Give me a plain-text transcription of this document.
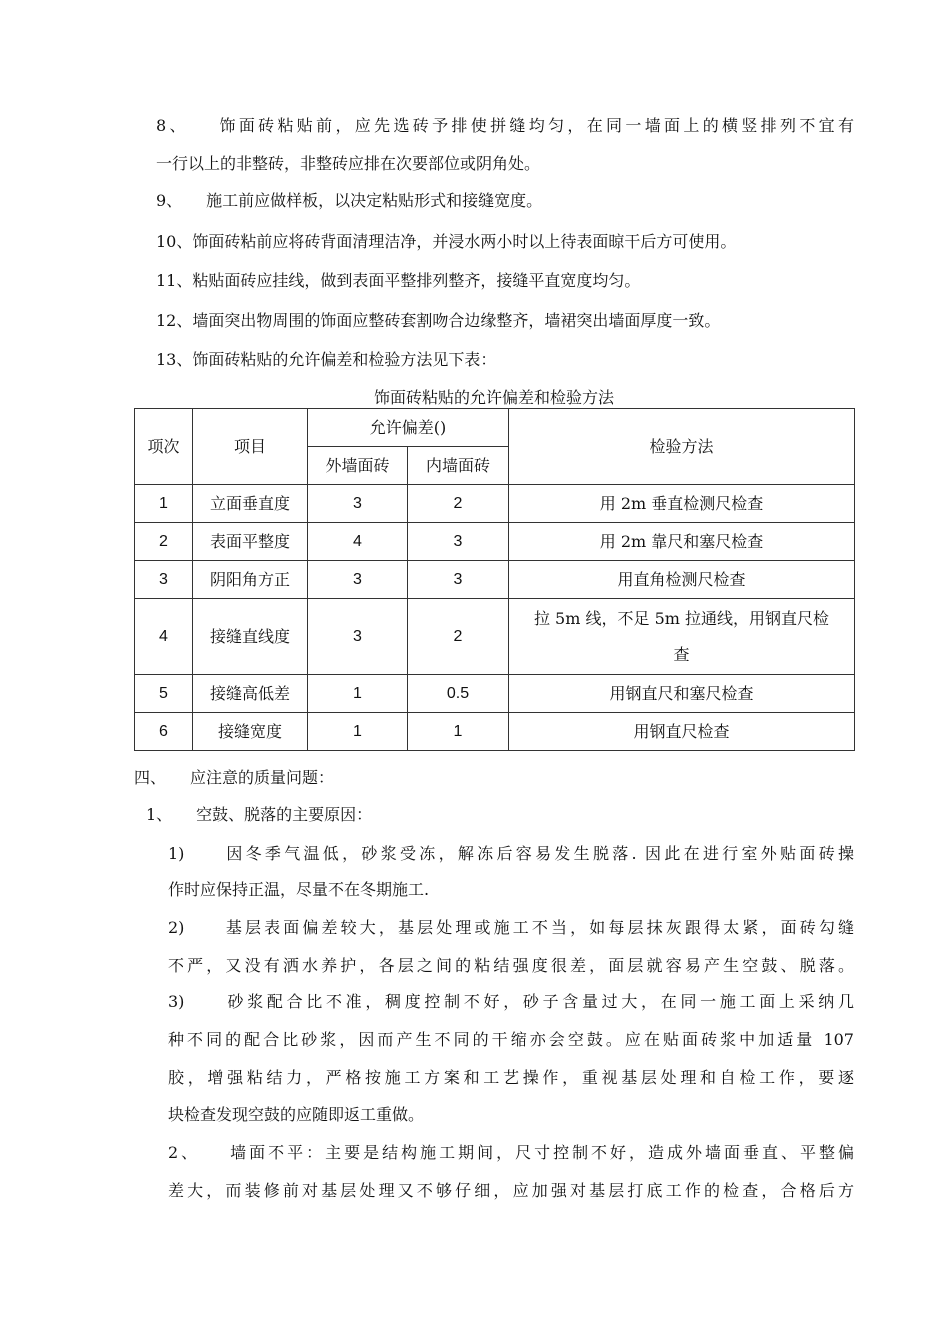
8、　　饰面砖粘贴前，应先选砖予排使拼缝均匀，在同一墙面上的横竖排列不宜有
一行以上的非整砖，非整砖应排在次要部位或阴角处。
9、　　施工前应做样板，以决定粘贴形式和接缝宽度。
10、饰面砖粘前应将砖背面清理洁净，并浸水两小时以上待表面晾干后方可使用。
11、粘贴面砖应挂线，做到表面平整排列整齐，接缝平直宽度均匀。
12、墙面突出物周围的饰面应整砖套割吻合边缘整齐，墙裙突出墙面厚度一致。
13、饰面砖粘贴的允许偏差和检验方法见下表：
饰面砖粘贴的允许偏差和检验方法
项次	项目	允许偏差()		检验方法
		外墙面砖	内墙面砖	
1	立面垂直度	3	2	用 2m 垂直检测尺检查
2	表面平整度	4	3	用 2m 靠尺和塞尺检查
3	阴阳角方正	3	3	用直角检测尺检查
4	接缝直线度	3	2	拉 5m 线，不足 5m 拉通线，用钢直尺检
查

5	接缝高低差	1	0.5	用钢直尺和塞尺检查
6	接缝宽度	1	1	用钢直尺检查
四、　　应注意的质量问题：
1、　　空鼓、脱落的主要原因：
1)　　因冬季气温低，砂浆受冻，解冻后容易发生脱落. 因此在进行室外贴面砖操
作时应保持正温，尽量不在冬期施工.
2)　　基层表面偏差较大，基层处理或施工不当，如每层抹灰跟得太紧，面砖勾缝
不严，又没有洒水养护，各层之间的粘结强度很差，面层就容易产生空鼓、脱落。
3)　　砂浆配合比不准，稠度控制不好，砂子含量过大，在同一施工面上采纳几
种不同的配合比砂浆，因而产生不同的干缩亦会空鼓。应在贴面砖浆中加适量 107
胶，增强粘结力，严格按施工方案和工艺操作，重视基层处理和自检工作，要逐
块检查发现空鼓的应随即返工重做。
2、　　墙面不平：主要是结构施工期间，尺寸控制不好，造成外墙面垂直、平整偏
差大，而装修前对基层处理又不够仔细，应加强对基层打底工作的检查，合格后方
